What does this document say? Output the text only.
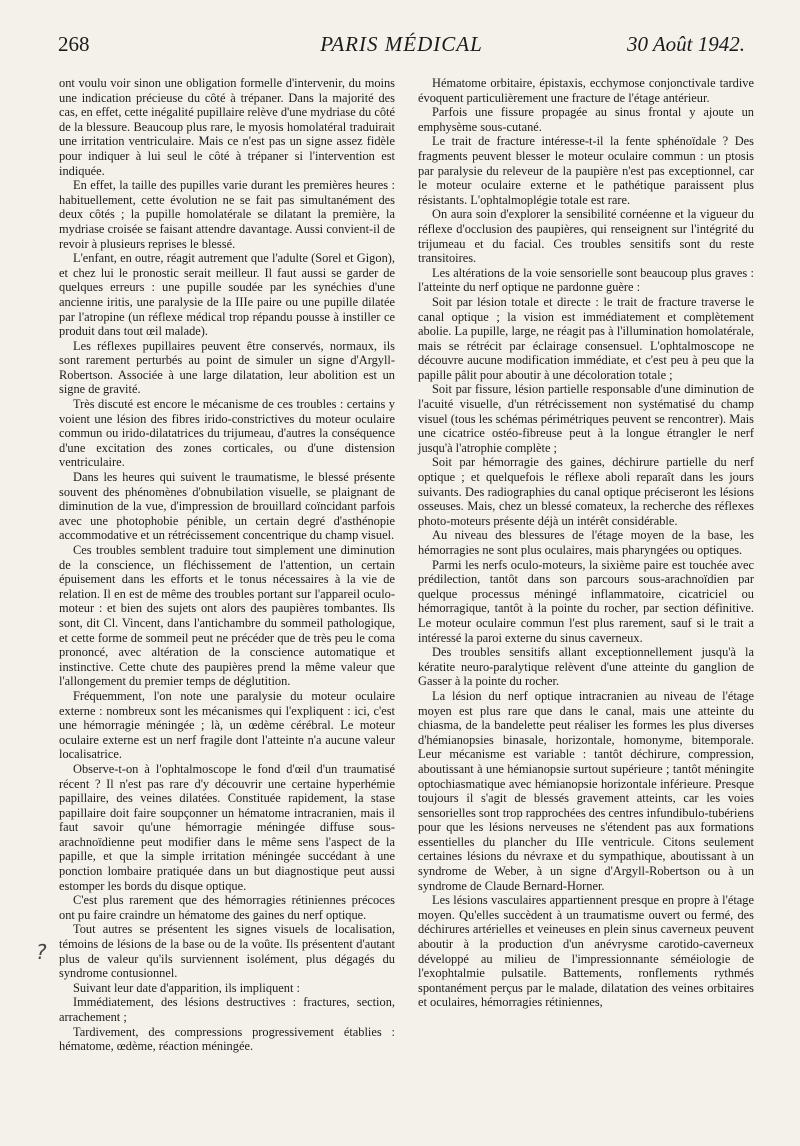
268	PARIS MÉDICAL	30 Août 1942.

ont voulu voir sinon une obligation formelle d'intervenir, du moins une indication précieuse du côté à trépaner. Dans la majorité des cas, en effet, cette inégalité pupillaire relève d'une mydriase du côté de la blessure. Beaucoup plus rare, le myosis homolatéral traduirait une irritation ventriculaire. Mais ce n'est pas un signe assez fidèle pour indiquer à lui seul le côté à trépaner si l'intervention est indiquée.

En effet, la taille des pupilles varie durant les premières heures : habituellement, cette évolution ne se fait pas simultanément des deux côtés ; la pupille homolatérale se dilatant la première, la mydriase croisée se faisant attendre davantage. Aussi convient-il de revoir à plusieurs reprises le blessé.

L'enfant, en outre, réagit autrement que l'adulte (Sorel et Gigon), et chez lui le pronostic serait meilleur. Il faut aussi se garder de quelques erreurs : une pupille soudée par les synéchies d'une ancienne iritis, une paralysie de la IIIe paire ou une pupille dilatée par l'atropine (un réflexe médical trop répandu pousse à instiller ce produit dans tout œil malade).

Les réflexes pupillaires peuvent être conservés, normaux, ils sont rarement perturbés au point de simuler un signe d'Argyll-Robertson. Associée à une large dilatation, leur abolition est un signe de gravité.

Très discuté est encore le mécanisme de ces troubles : certains y voient une lésion des fibres irido-constrictives du moteur oculaire commun ou irido-dilatatrices du trijumeau, d'autres la conséquence d'une excitation des zones corticales, ou d'une distension ventriculaire.

Dans les heures qui suivent le traumatisme, le blessé présente souvent des phénomènes d'obnubilation visuelle, se plaignant de diminution de la vue, d'impression de brouillard coïncidant parfois avec une photophobie pénible, un certain degré d'asthénopie accommodative et un rétrécissement concentrique du champ visuel.

Ces troubles semblent traduire tout simplement une diminution de la conscience, un fléchissement de l'attention, un certain épuisement dans les efforts et le tonus nécessaires à la vie de relation. Il en est de même des troubles portant sur l'appareil oculo-moteur : et bien des sujets ont alors des paupières tombantes. Ils sont, dit Cl. Vincent, dans l'antichambre du sommeil pathologique, et cette forme de sommeil peut ne précéder que de très peu le coma prononcé, avec altération de la conscience automatique et instinctive. Cette chute des paupières prend la même valeur que l'allongement du premier temps de déglutition.

Fréquemment, l'on note une paralysie du moteur oculaire externe : nombreux sont les mécanismes qui l'expliquent : ici, c'est une hémorragie méningée ; là, un œdème cérébral. Le moteur oculaire externe est un nerf fragile dont l'atteinte n'a aucune valeur localisatrice.

Observe-t-on à l'ophtalmoscope le fond d'œil d'un traumatisé récent ? Il n'est pas rare d'y découvrir une certaine hyperhémie papillaire, des veines dilatées. Constituée rapidement, la stase papillaire doit faire soupçonner un hématome intracranien, mais il faut savoir qu'une hémorragie méningée diffuse sous-arachnoïdienne peut modifier dans le même sens l'aspect de la papille, et que la simple irritation méningée succédant à une ponction lombaire pratiquée dans un but diagnostique peut aussi estomper les bords du disque optique.

C'est plus rarement que des hémorragies rétiniennes précoces ont pu faire craindre un hématome des gaines du nerf optique.

Tout autres se présentent les signes visuels de localisation, témoins de lésions de la base ou de la voûte. Ils présentent d'autant plus de valeur qu'ils surviennent isolément, plus dégagés du syndrome contusionnel.

Suivant leur date d'apparition, ils impliquent :

Immédiatement, des lésions destructives : fractures, section, arrachement ;

Tardivement, des compressions progressivement établies : hématome, œdème, réaction méningée.

Hématome orbitaire, épistaxis, ecchymose conjonctivale tardive évoquent particulièrement une fracture de l'étage antérieur.

Parfois une fissure propagée au sinus frontal y ajoute un emphysème sous-cutané.

Le trait de fracture intéresse-t-il la fente sphénoïdale ? Des fragments peuvent blesser le moteur oculaire commun : un ptosis par paralysie du releveur de la paupière n'est pas exceptionnel, car le moteur oculaire externe et le pathétique paraissent plus résistants. L'ophtalmoplégie totale est rare.

On aura soin d'explorer la sensibilité cornéenne et la vigueur du réflexe d'occlusion des paupières, qui renseignent sur l'intégrité du trijumeau et du facial. Ces troubles sensitifs sont du reste transitoires.

Les altérations de la voie sensorielle sont beaucoup plus graves : l'atteinte du nerf optique ne pardonne guère :

Soit par lésion totale et directe : le trait de fracture traverse le canal optique ; la vision est immédiatement et complètement abolie. La pupille, large, ne réagit pas à l'illumination homolatérale, mais se rétrécit par éclairage consensuel. L'ophtalmoscope ne découvre aucune modification immédiate, et c'est peu à peu que la papille pâlit pour aboutir à une décoloration totale ;

Soit par fissure, lésion partielle responsable d'une diminution de l'acuité visuelle, d'un rétrécissement non systématisé du champ visuel (tous les schémas périmétriques peuvent se rencontrer). Mais une cicatrice ostéo-fibreuse peut à la longue étrangler le nerf jusqu'à l'atrophie complète ;

Soit par hémorragie des gaines, déchirure partielle du nerf optique ; et quelquefois le réflexe aboli reparaît dans les jours suivants. Des radiographies du canal optique préciseront les lésions osseuses. Mais, chez un blessé comateux, la recherche des réflexes photo-moteurs présente déjà un intérêt considérable.

Au niveau des blessures de l'étage moyen de la base, les hémorragies ne sont plus oculaires, mais pharyngées ou optiques.

Parmi les nerfs oculo-moteurs, la sixième paire est touchée avec prédilection, tantôt dans son parcours sous-arachnoïdien par quelque processus méningé inflammatoire, cicatriciel ou hémorragique, tantôt à la pointe du rocher, par section définitive. Le moteur oculaire commun l'est plus rarement, sauf si le trait a intéressé la paroi externe du sinus caverneux.

Des troubles sensitifs allant exceptionnellement jusqu'à la kératite neuro-paralytique relèvent d'une atteinte du ganglion de Gasser à la pointe du rocher.

La lésion du nerf optique intracranien au niveau de l'étage moyen est plus rare que dans le canal, mais une atteinte du chiasma, de la bandelette peut réaliser les formes les plus diverses d'hémianopsies binasale, horizontale, homonyme, bitemporale. Leur mécanisme est variable : tantôt déchirure, compression, aboutissant à une hémianopsie surtout supérieure ; tantôt méningite optochiasmatique avec hémianopsie horizontale inférieure. Presque toujours il s'agit de blessés gravement atteints, car les voies sensorielles sont trop rapprochées des centres infundibulo-tubériens pour que les lésions nerveuses ne s'étendent pas aux formations essentielles du plancher du IIIe ventricule. Citons seulement certaines lésions du névraxe et du sympathique, aboutissant à un syndrome de Weber, à un signe d'Argyll-Robertson ou à un syndrome de Claude Bernard-Horner.

Les lésions vasculaires appartiennent presque en propre à l'étage moyen. Qu'elles succèdent à un traumatisme ouvert ou fermé, des déchirures artérielles et veineuses en plein sinus caverneux peuvent aboutir à la production d'un anévrysme carotido-caverneux développé au milieu de l'impressionnante séméiologie de l'exophtalmie pulsatile. Battements, ronflements rythmés spontanément perçus par le malade, dilatation des veines orbitaires et oculaires, hémorragies rétiniennes,

?
